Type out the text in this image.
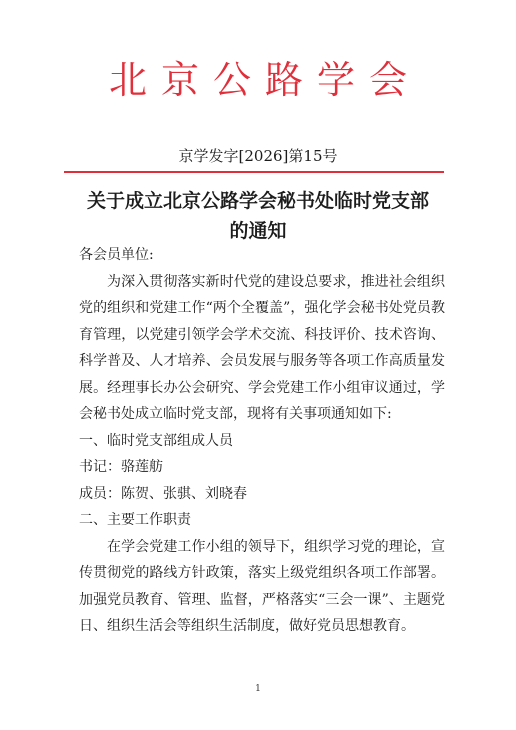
北京公路学会
京学发字[2026]第15号
关于成立北京公路学会秘书处临时党支部
的通知

各会员单位:

为深入贯彻落实新时代党的建设总要求，推进社会组织党的组织和党建工作“两个全覆盖”，强化学会秘书处党员教育管理，以党建引领学会学术交流、科技评价、技术咨询、科学普及、人才培养、会员发展与服务等各项工作高质量发展。经理事长办公会研究、学会党建工作小组审议通过，学会秘书处成立临时党支部，现将有关事项通知如下:

一、临时党支部组成人员

书记：骆莲舫

成员：陈贺、张骐、刘晓春

二、主要工作职责

在学会党建工作小组的领导下，组织学习党的理论，宣传贯彻党的路线方针政策，落实上级党组织各项工作部署。加强党员教育、管理、监督，严格落实“三会一课”、主题党日、组织生活会等组织生活制度，做好党员思想教育。

1
